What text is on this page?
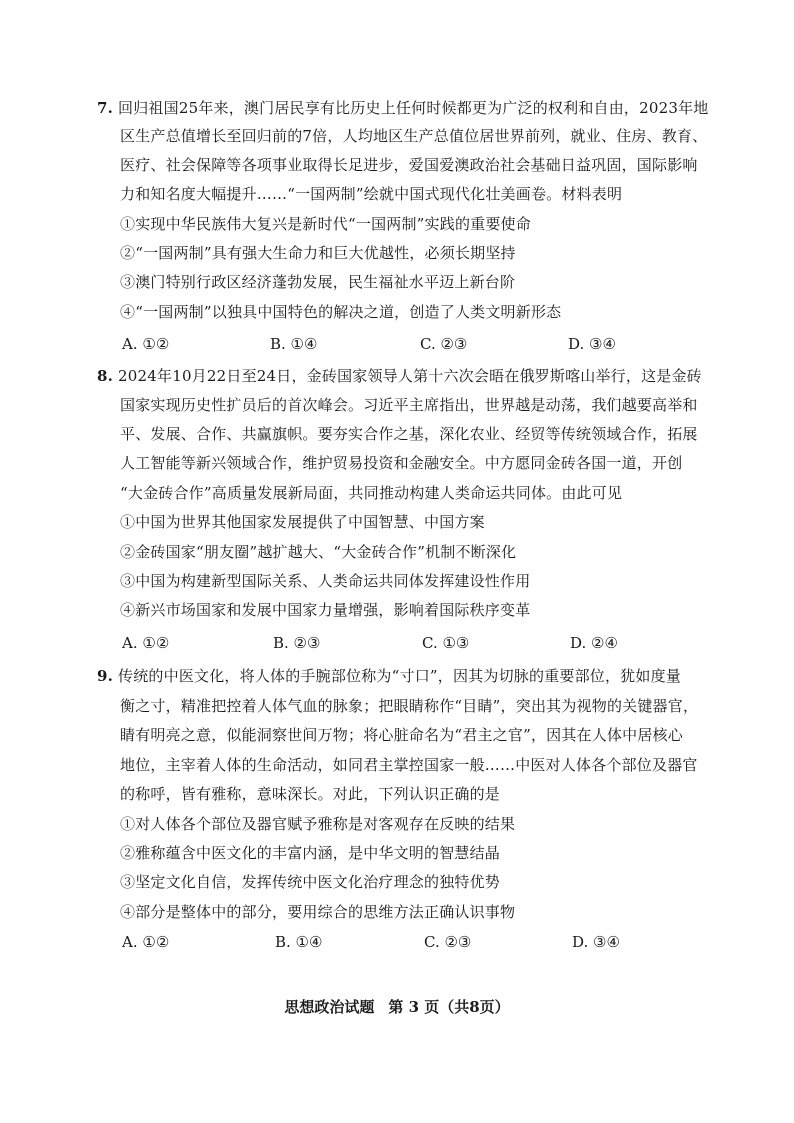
7. 回归祖国25年来，澳门居民享有比历史上任何时候都更为广泛的权利和自由，2023年地
区生产总值增长至回归前的7倍，人均地区生产总值位居世界前列，就业、住房、教育、
医疗、社会保障等各项事业取得长足进步，爱国爱澳政治社会基础日益巩固，国际影响
力和知名度大幅提升……“一国两制”绘就中国式现代化壮美画卷。材料表明
①实现中华民族伟大复兴是新时代“一国两制”实践的重要使命
②“一国两制”具有强大生命力和巨大优越性，必须长期坚持
③澳门特别行政区经济蓬勃发展，民生福祉水平迈上新台阶
④“一国两制”以独具中国特色的解决之道，创造了人类文明新形态
A. ①②	B. ①④	C. ②③	D. ③④
8. 2024年10月22日至24日，金砖国家领导人第十六次会晤在俄罗斯喀山举行，这是金砖
国家实现历史性扩员后的首次峰会。习近平主席指出，世界越是动荡，我们越要高举和
平、发展、合作、共赢旗帜。要夯实合作之基，深化农业、经贸等传统领域合作，拓展
人工智能等新兴领域合作，维护贸易投资和金融安全。中方愿同金砖各国一道，开创
“大金砖合作”高质量发展新局面，共同推动构建人类命运共同体。由此可见
①中国为世界其他国家发展提供了中国智慧、中国方案
②金砖国家“朋友圈”越扩越大、“大金砖合作”机制不断深化
③中国为构建新型国际关系、人类命运共同体发挥建设性作用
④新兴市场国家和发展中国家力量增强，影响着国际秩序变革
A. ①②	B. ②③	C. ①③	D. ②④
9. 传统的中医文化，将人体的手腕部位称为“寸口”，因其为切脉的重要部位，犹如度量
衡之寸，精准把控着人体气血的脉象；把眼睛称作“目睛”，突出其为视物的关键器官，
睛有明亮之意，似能洞察世间万物；将心脏命名为“君主之官”，因其在人体中居核心
地位，主宰着人体的生命活动，如同君主掌控国家一般……中医对人体各个部位及器官
的称呼，皆有雅称，意味深长。对此，下列认识正确的是
①对人体各个部位及器官赋予雅称是对客观存在反映的结果
②雅称蕴含中医文化的丰富内涵，是中华文明的智慧结晶
③坚定文化自信，发挥传统中医文化治疗理念的独特优势
④部分是整体中的部分，要用综合的思维方法正确认识事物
A. ①②	B. ①④	C. ②③	D. ③④
思想政治试题 第 3 页（共8页）
